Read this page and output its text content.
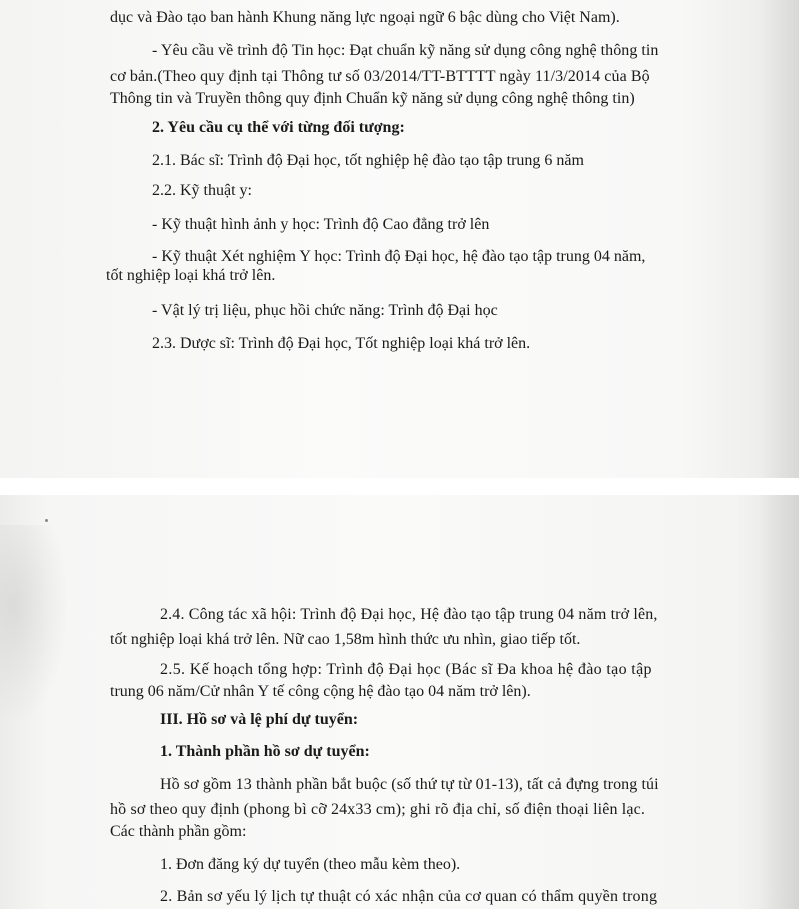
dục và Đào tạo ban hành Khung năng lực ngoại ngữ 6 bậc dùng cho Việt Nam).
- Yêu cầu về trình độ Tin học: Đạt chuẩn kỹ năng sử dụng công nghệ thông tin
cơ bản.(Theo quy định tại Thông tư số 03/2014/TT-BTTTT ngày 11/3/2014 của Bộ
Thông tin và Truyền thông quy định Chuẩn kỹ năng sử dụng công nghệ thông tin)
2. Yêu cầu cụ thể với từng đối tượng:
2.1. Bác sĩ: Trình độ Đại học, tốt nghiệp hệ đào tạo tập trung 6 năm
2.2. Kỹ thuật y:
- Kỹ thuật hình ảnh y học: Trình độ Cao đẳng trở lên
- Kỹ thuật Xét nghiệm Y học: Trình độ Đại học, hệ đào tạo tập trung 04 năm,
tốt nghiệp loại khá trở lên.
- Vật lý trị liệu, phục hồi chức năng: Trình độ Đại học
2.3. Dược sĩ: Trình độ Đại học, Tốt nghiệp loại khá trở lên.
2.4. Công tác xã hội: Trình độ Đại học, Hệ đào tạo tập trung 04 năm trở lên,
tốt nghiệp loại khá trở lên. Nữ cao 1,58m hình thức ưu nhìn, giao tiếp tốt.
2.5. Kế hoạch tổng hợp: Trình độ Đại học (Bác sĩ Đa khoa hệ đào tạo tập
trung 06 năm/Cử nhân Y tế công cộng hệ đào tạo 04 năm trở lên).
III. Hồ sơ và lệ phí dự tuyển:
1. Thành phần hồ sơ dự tuyển:
Hồ sơ gồm 13 thành phần bắt buộc (số thứ tự từ 01-13), tất cả đựng trong túi
hồ sơ theo quy định (phong bì cỡ 24x33 cm); ghi rõ địa chỉ, số điện thoại liên lạc.
Các thành phần gồm:
1. Đơn đăng ký dự tuyển (theo mẫu kèm theo).
2. Bản sơ yếu lý lịch tự thuật có xác nhận của cơ quan có thẩm quyền trong
